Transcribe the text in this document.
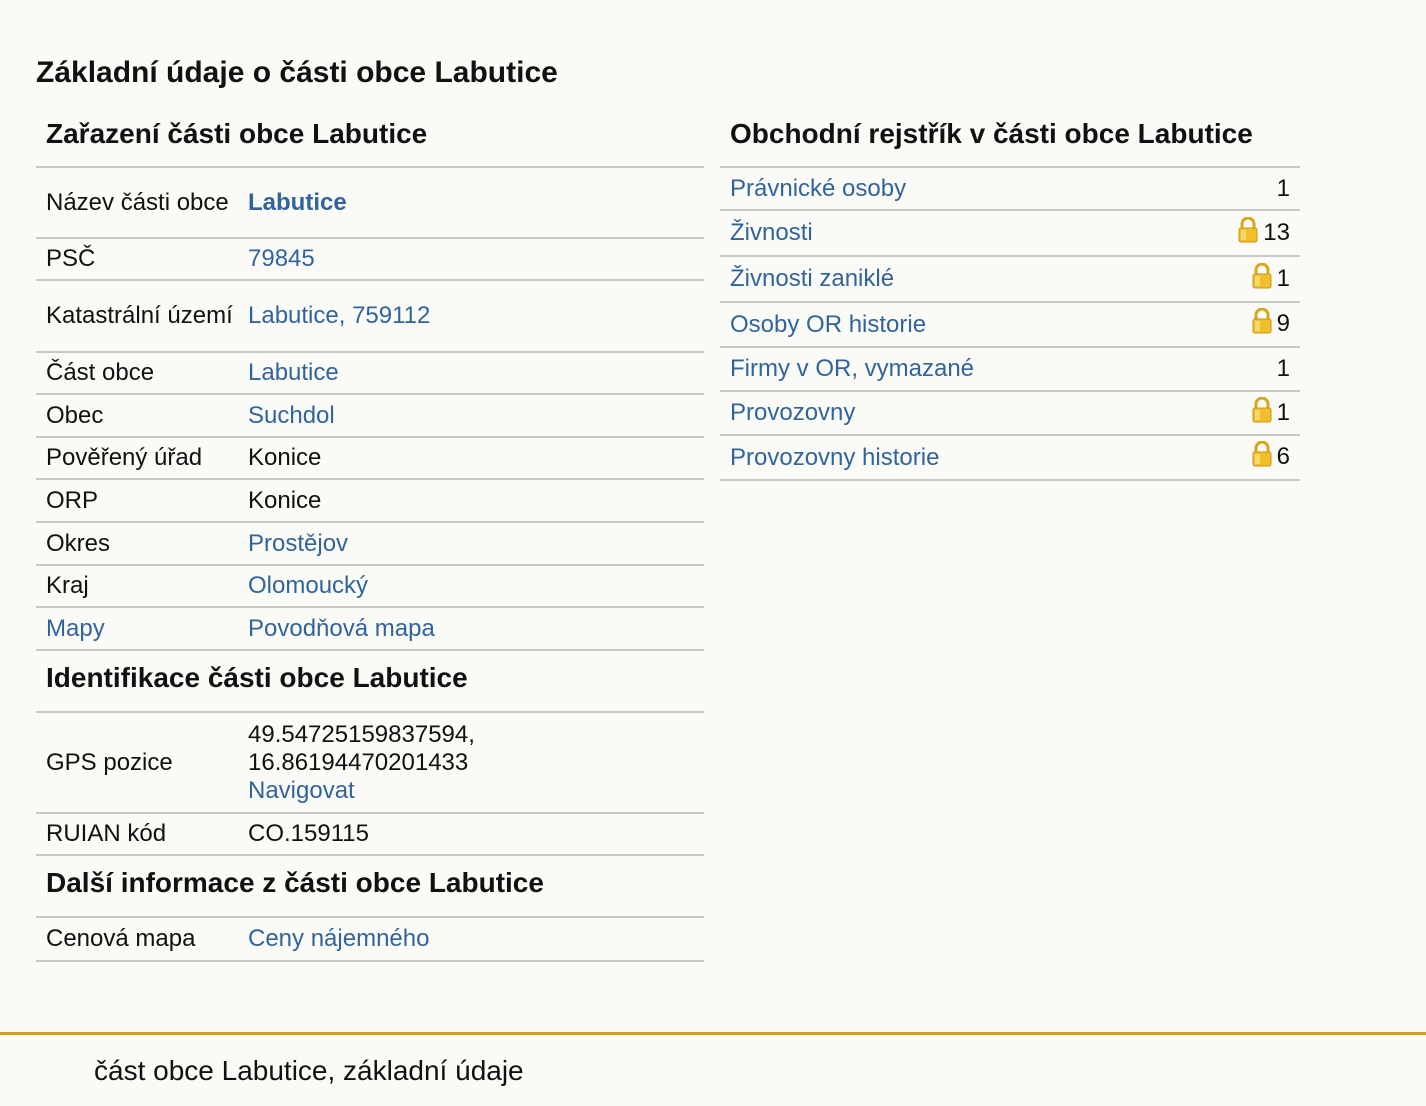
Základní údaje o části obce Labutice
Zařazení části obce Labutice
Název části obce	Labutice
PSČ	79845
Katastrální území	Labutice, 759112
Část obce	Labutice
Obec	Suchdol
Pověřený úřad	Konice
ORP	Konice
Okres	Prostějov
Kraj	Olomoucký
Mapy	Povodňová mapa
Identifikace části obce Labutice
GPS pozice	49.54725159837594,
16.86194470201433
Navigovat
RUIAN kód	CO.159115
Další informace z části obce Labutice
Cenová mapa	Ceny nájemného
Obchodní rejstřík v části obce Labutice
Právnické osoby	1
Živnosti	13
Živnosti zaniklé	1
Osoby OR historie	9
Firmy v OR, vymazané	1
Provozovny	1
Provozovny historie	6
část obce Labutice, základní údaje
